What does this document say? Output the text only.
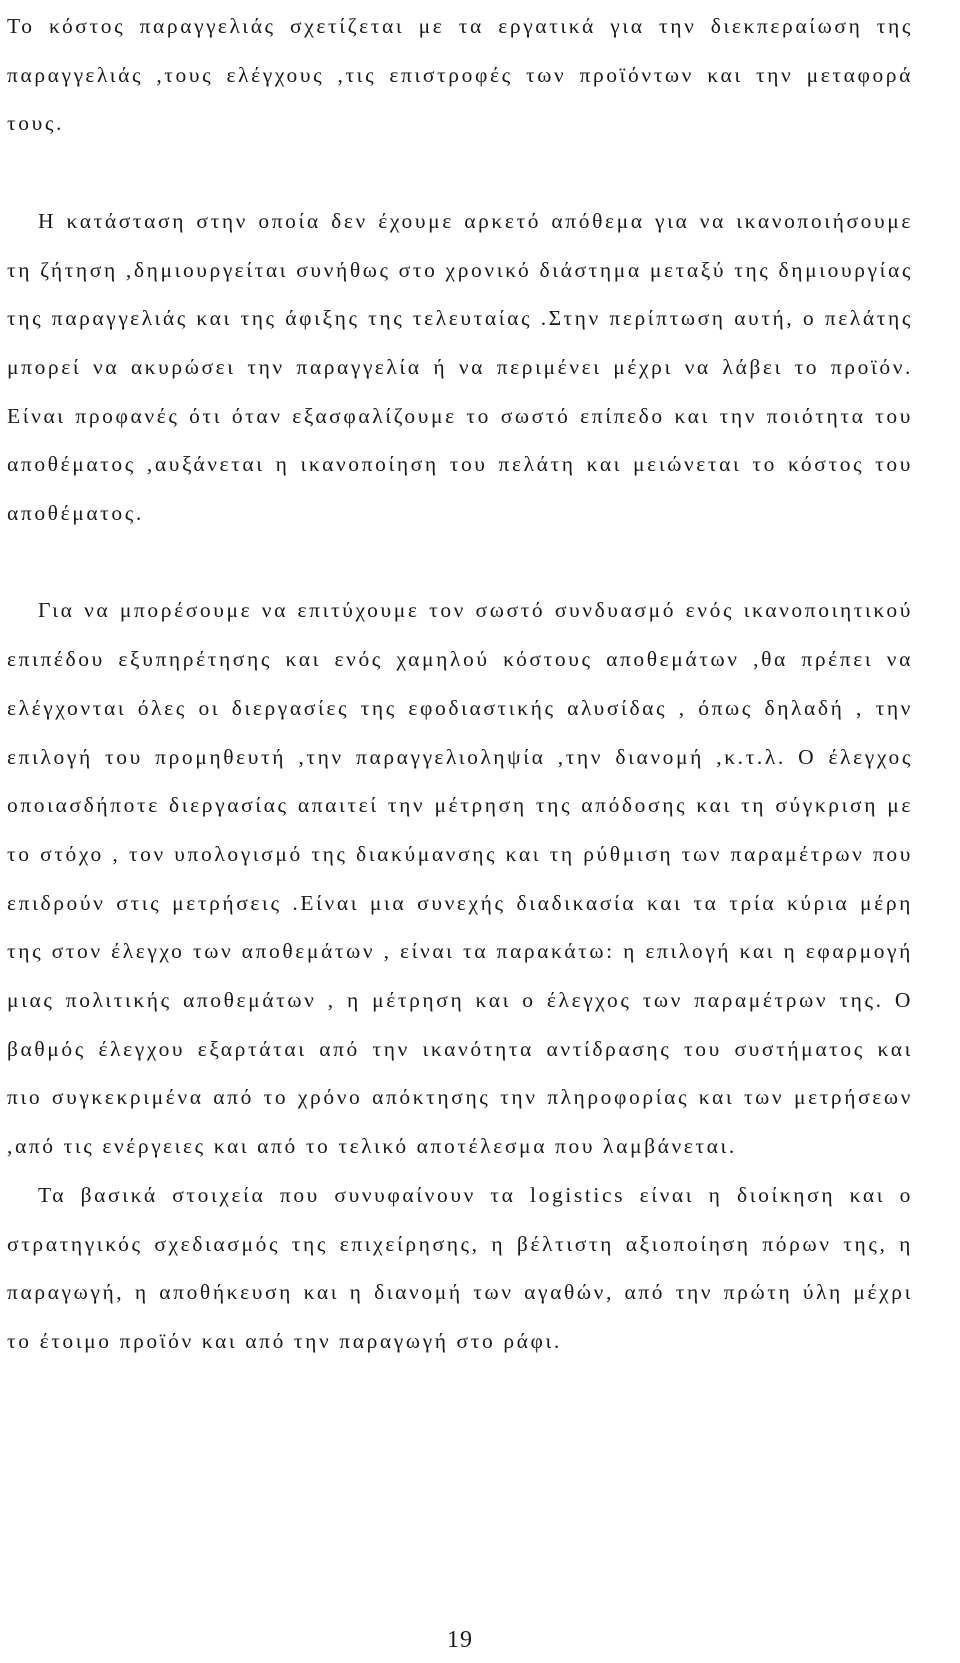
Το κόστος παραγγελιάς σχετίζεται με τα εργατικά για την διεκπεραίωση της παραγγελιάς ,τους ελέγχους ,τις επιστροφές των προϊόντων και την μεταφορά τους.

Η κατάσταση στην οποία δεν έχουμε αρκετό απόθεμα για να ικανοποιήσουμε τη ζήτηση ,δημιουργείται συνήθως στο χρονικό διάστημα μεταξύ της δημιουργίας της παραγγελιάς και της άφιξης της τελευταίας .Στην περίπτωση αυτή, ο πελάτης μπορεί να ακυρώσει την παραγγελία ή να περιμένει μέχρι να λάβει το προϊόν. Είναι προφανές ότι όταν εξασφαλίζουμε το σωστό επίπεδο και την ποιότητα του αποθέματος ,αυξάνεται η ικανοποίηση του πελάτη και μειώνεται το κόστος του αποθέματος.

Για να μπορέσουμε να επιτύχουμε τον σωστό συνδυασμό ενός ικανοποιητικού επιπέδου εξυπηρέτησης και ενός χαμηλού κόστους αποθεμάτων ,θα πρέπει να ελέγχονται όλες οι διεργασίες της εφοδιαστικής αλυσίδας , όπως δηλαδή , την επιλογή του προμηθευτή ,την παραγγελιοληψία ,την διανομή ,κ.τ.λ. Ο έλεγχος οποιασδήποτε διεργασίας απαιτεί την μέτρηση της απόδοσης και τη σύγκριση με το στόχο , τον υπολογισμό της διακύμανσης και τη ρύθμιση των παραμέτρων που επιδρούν στις μετρήσεις .Είναι μια συνεχής διαδικασία και τα τρία κύρια μέρη της στον έλεγχο των αποθεμάτων , είναι τα παρακάτω: η επιλογή και η εφαρμογή μιας πολιτικής αποθεμάτων , η μέτρηση και ο έλεγχος των παραμέτρων της. Ο βαθμός έλεγχου εξαρτάται από την ικανότητα αντίδρασης του συστήματος και πιο συγκεκριμένα από το χρόνο απόκτησης την πληροφορίας και των μετρήσεων ,από τις ενέργειες και από το τελικό αποτέλεσμα που λαμβάνεται.

Τα βασικά στοιχεία που συνυφαίνουν τα logistics είναι η διοίκηση και ο στρατηγικός σχεδιασμός της επιχείρησης, η βέλτιστη αξιοποίηση πόρων της, η παραγωγή, η αποθήκευση και η διανομή των αγαθών, από την πρώτη ύλη μέχρι το έτοιμο προϊόν και από την παραγωγή στο ράφι.

19
